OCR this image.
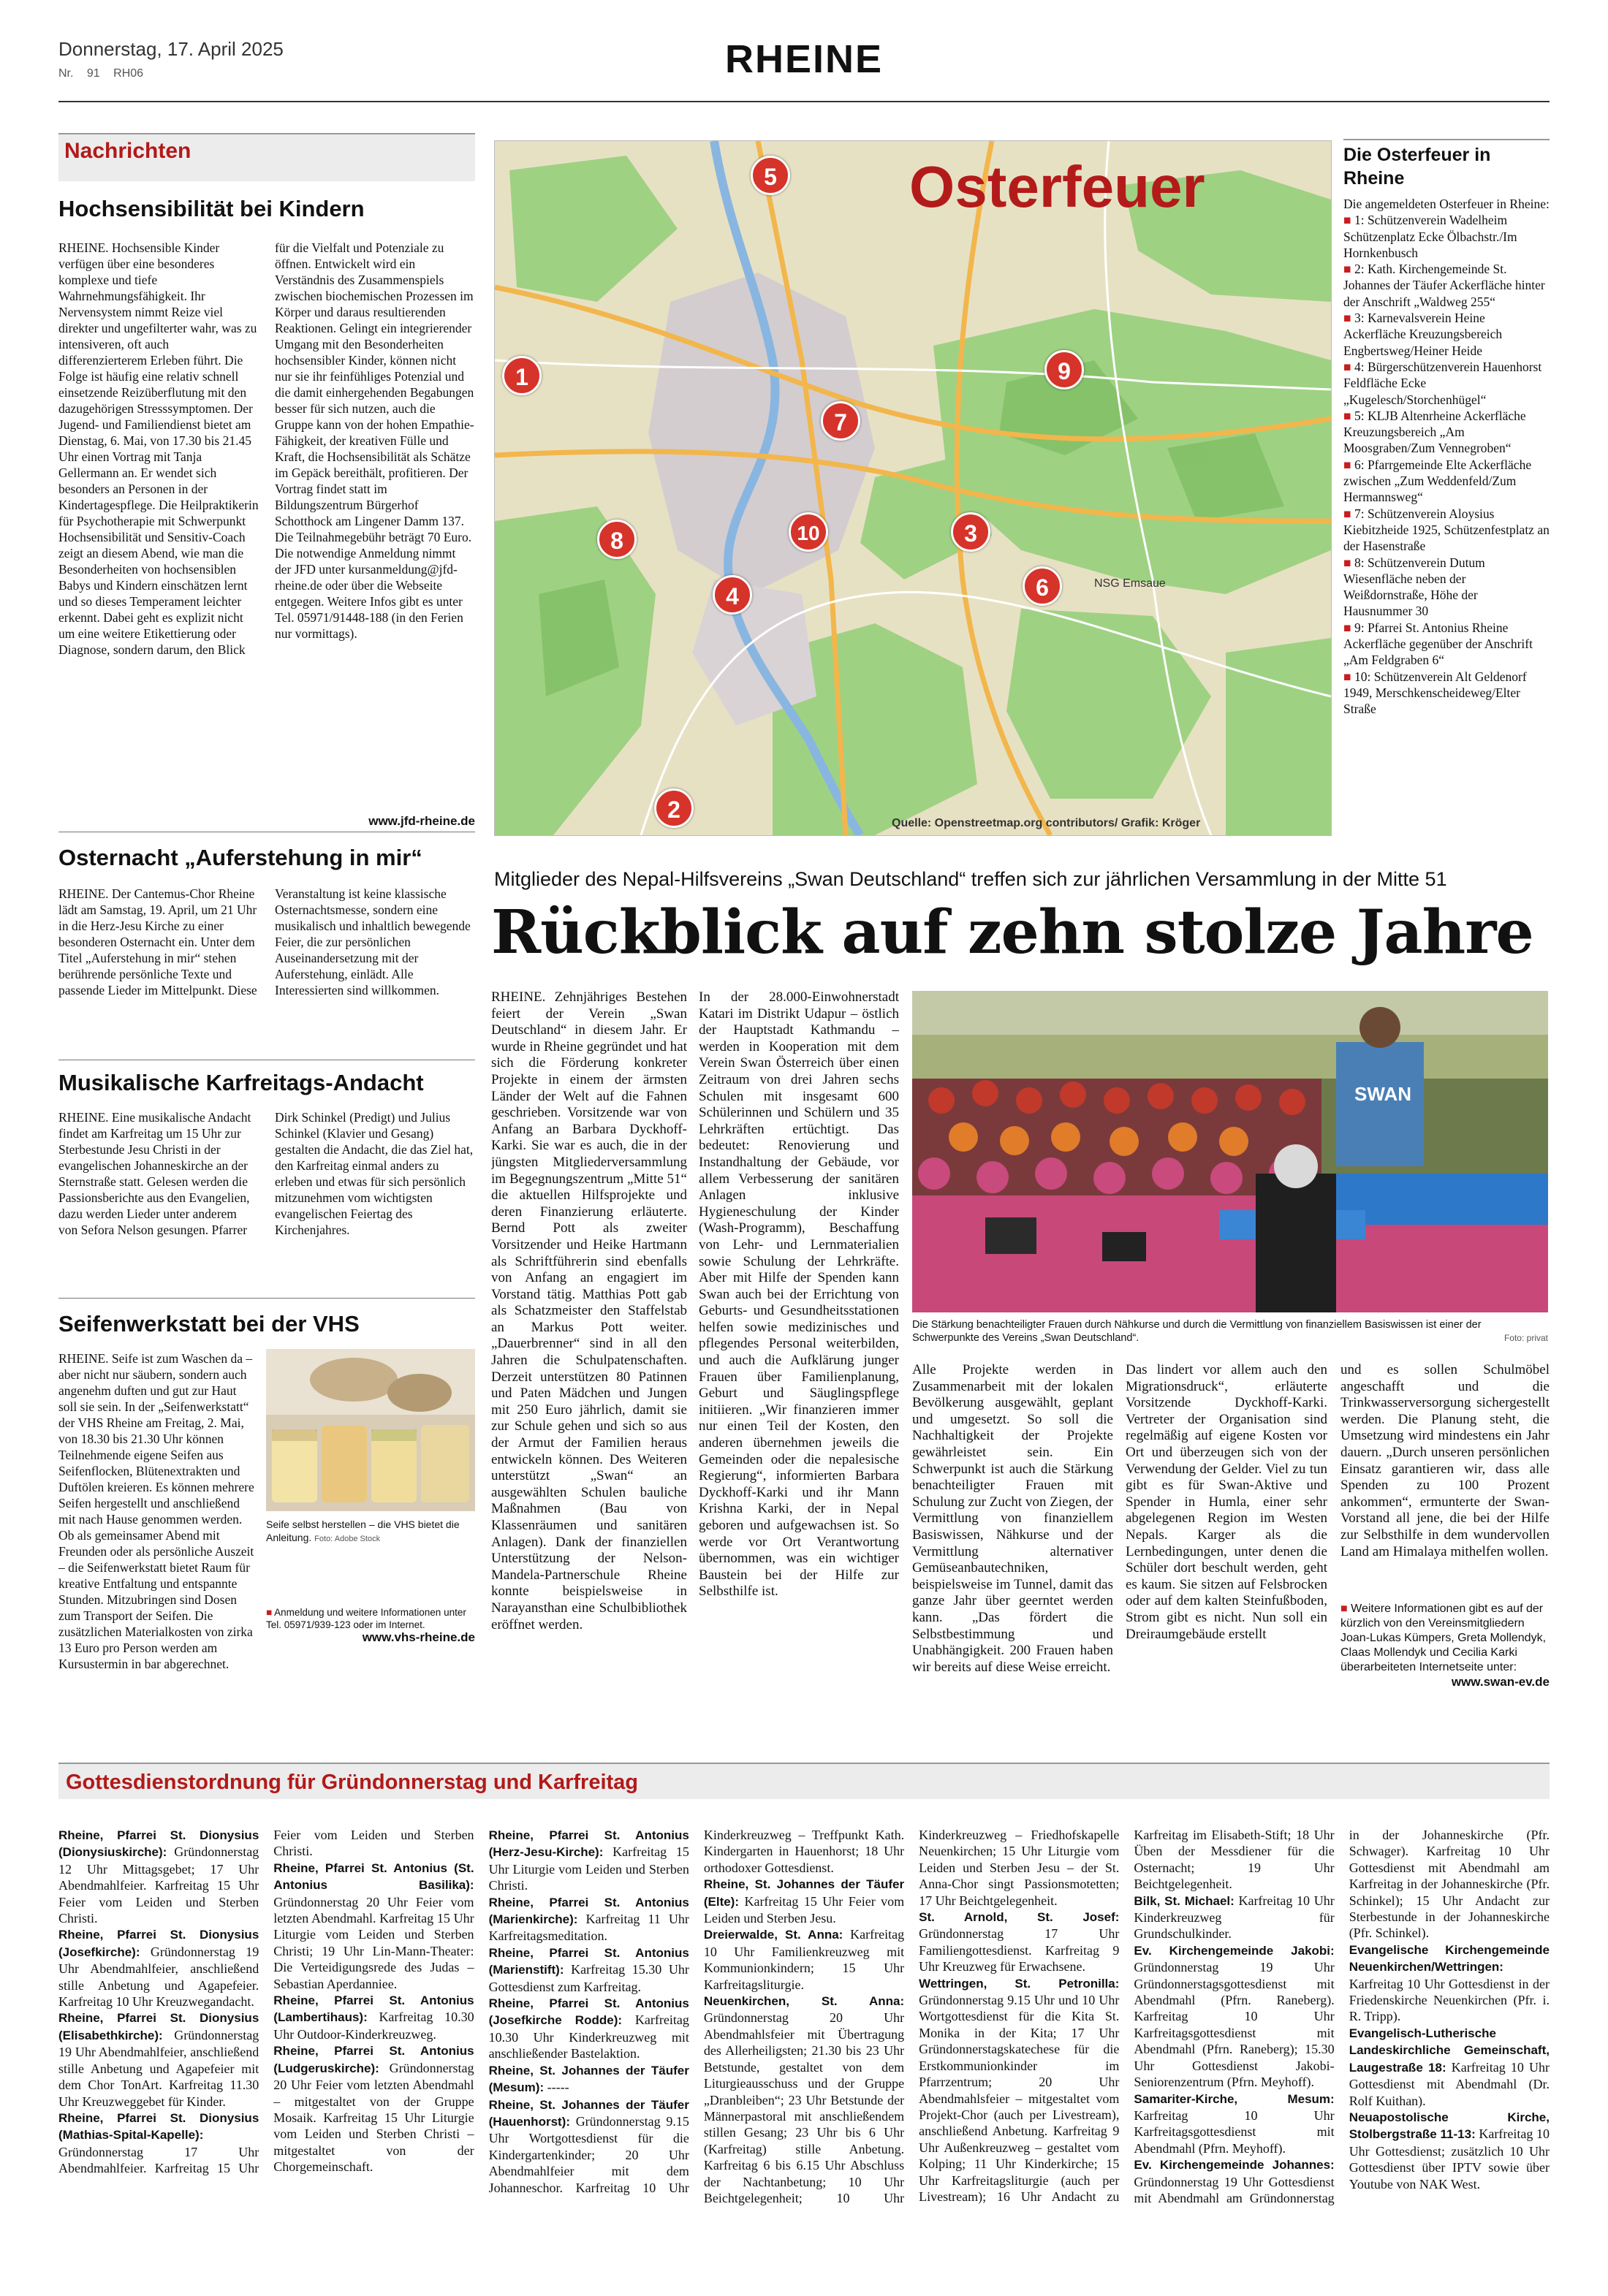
Donnerstag, 17. April 2025
Nr. 91 RH06	RHEINE
Nachrichten
Hochsensibilität bei Kindern

RHEINE. Hochsensible Kinder verfügen über eine besonderes komplexe und tiefe Wahrnehmungsfähigkeit. Ihr Nervensystem nimmt Reize viel direkter und ungefilterter wahr, was zu intensiveren, oft auch differenzierterem Erleben führt. Die Folge ist häufig eine relativ schnell einsetzende Reizüberflutung mit den dazugehörigen Stresssymptomen. Der Jugend- und Familiendienst bietet am Dienstag, 6. Mai, von 17.30 bis 21.45 Uhr einen Vortrag mit Tanja Gellermann an. Er wendet sich besonders an Personen in der Kindertagespflege. Die Heilpraktikerin für Psychotherapie mit Schwerpunkt Hochsensibilität und Sensitiv-Coach zeigt an diesem Abend, wie man die Besonderheiten von hochsensiblen Babys und Kindern einschätzen lernt und so dieses Temperament leichter erkennt. Dabei geht es explizit nicht um eine weitere Etikettierung oder Diagnose, sondern darum, den Blick für die Vielfalt und Potenziale zu öffnen. Entwickelt wird ein Verständnis des Zusammenspiels zwischen biochemischen Prozessen im Körper und daraus resultierenden Reaktionen. Gelingt ein integrierender Umgang mit den Besonderheiten hochsensibler Kinder, können nicht nur sie ihr feinfühliges Potenzial und die damit einhergehenden Begabungen besser für sich nutzen, auch die Gruppe kann von der hohen Empathie-Fähigkeit, der kreativen Fülle und Kraft, die Hochsensibilität als Schätze im Gepäck bereithält, profitieren. Der Vortrag findet statt im Bildungszentrum Bürgerhof Schotthock am Lingener Damm 137. Die Teilnahmegebühr beträgt 70 Euro. Die notwendige Anmeldung nimmt der JFD unter kursanmeldung@jfd-rheine.de oder über die Webseite entgegen. Weitere Infos gibt es unter Tel. 05971/91448-188 (in den Ferien nur vormittags).

www.jfd-rheine.de
Osternacht „Auferstehung in mir“

RHEINE. Der Cantemus-Chor Rheine lädt am Samstag, 19. April, um 21 Uhr in die Herz-Jesu Kirche zu einer besonderen Osternacht ein. Unter dem Titel „Auferstehung in mir“ stehen berührende persönliche Texte und passende Lieder im Mittelpunkt. Diese Veranstaltung ist keine klassische Osternachtsmesse, sondern eine musikalisch und inhaltlich bewegende Feier, die zur persönlichen Auseinandersetzung mit der Auferstehung, einlädt. Alle Interessierten sind willkommen.

Musikalische Karfreitags-Andacht

RHEINE. Eine musikalische Andacht findet am Karfreitag um 15 Uhr zur Sterbestunde Jesu Christi in der evangelischen Johanneskirche an der Sternstraße statt. Gelesen werden die Passionsberichte aus den Evangelien, dazu werden Lieder unter anderem von Sefora Nelson gesungen. Pfarrer Dirk Schinkel (Predigt) und Julius Schinkel (Klavier und Gesang) gestalten die Andacht, die das Ziel hat, den Karfreitag einmal anders zu erleben und etwas für sich persönlich mitzunehmen vom wichtigsten evangelischen Feiertag des Kirchenjahres.

Seifenwerkstatt bei der VHS

RHEINE. Seife ist zum Waschen da – aber nicht nur säubern, sondern auch angenehm duften und gut zur Haut soll sie sein. In der „Seifenwerkstatt“ der VHS Rheine am Freitag, 2. Mai, von 18.30 bis 21.30 Uhr können Teilnehmende eigene Seifen aus Seifenflocken, Blütenextrakten und Duftölen kreieren. Es können mehrere Seifen hergestellt und anschließend mit nach Hause genommen werden. Ob als gemeinsamer Abend mit Freunden oder als persönliche Auszeit – die Seifenwerkstatt bietet Raum für kreative Entfaltung und entspannte Stunden. Mitzubringen sind Dosen zum Transport der Seifen. Die zusätzlichen Materialkosten von zirka 13 Euro pro Person werden am Kursustermin in bar abgerechnet.

Seife selbst herstellen – die VHS bietet die Anleitung. Foto: Adobe Stock
■ Anmeldung und weitere Informationen unter Tel. 05971/939-123 oder im Internet.
www.vhs-rheine.de
NSG Emsaue
1
2
3
4
5
6
7
8
9
10
Osterfeuer
Quelle: Openstreetmap.org contributors/ Grafik: Kröger
Die Osterfeuer in Rheine

Die angemeldeten Osterfeuer in Rheine:

■ 1: Schützenverein Wadelheim Schützenplatz Ecke Ölbachstr./Im Hornkenbusch

■ 2: Kath. Kirchengemeinde St. Johannes der Täufer Ackerfläche hinter der Anschrift „Waldweg 255“

■ 3: Karnevalsverein Heine Ackerfläche Kreuzungsbereich Engbertsweg/Heiner Heide

■ 4: Bürgerschützenverein Hauenhorst Feldfläche Ecke „Kugelesch/Storchenhügel“

■ 5: KLJB Altenrheine Ackerfläche Kreuzungsbereich „Am Moosgraben/Zum Vennegroben“

■ 6: Pfarrgemeinde Elte Ackerfläche zwischen „Zum Weddenfeld/Zum Hermannsweg“

■ 7: Schützenverein Aloysius Kiebitzheide 1925, Schützenfestplatz an der Hasenstraße

■ 8: Schützenverein Dutum Wiesenfläche neben der Weißdornstraße, Höhe der Hausnummer 30

■ 9: Pfarrei St. Antonius Rheine Ackerfläche gegenüber der Anschrift „Am Feldgraben 6“

■ 10: Schützenverein Alt Geldenorf 1949, Merschkenscheideweg/Elter Straße

Mitglieder des Nepal-Hilfsvereins „Swan Deutschland“ treffen sich zur jährlichen Versammlung in der Mitte 51
Rückblick auf zehn stolze Jahre

RHEINE. Zehnjähriges Bestehen feiert der Verein „Swan Deutschland“ in diesem Jahr. Er wurde in Rheine gegründet und hat sich die Förderung konkreter Projekte in einem der ärmsten Länder der Welt auf die Fahnen geschrieben. Vorsitzende war von Anfang an Barbara Dyckhoff-Karki. Sie war es auch, die in der jüngsten Mitgliederversammlung im Begegnungszentrum „Mitte 51“ die aktuellen Hilfsprojekte und deren Finanzierung erläuterte. Bernd Pott als zweiter Vorsitzender und Heike Hartmann als Schriftführerin sind ebenfalls von Anfang an engagiert im Vorstand tätig. Matthias Pott gab als Schatzmeister den Staffelstab an Markus Pott weiter. „Dauerbrenner“ sind in all den Jahren die Schulpatenschaften. Derzeit unterstützen 80 Patinnen und Paten Mädchen und Jungen mit 250 Euro jährlich, damit sie zur Schule gehen und sich so aus der Armut der Familien heraus entwickeln können. Des Weiteren unterstützt „Swan“ an ausgewählten Schulen bauliche Maßnahmen (Bau von Klassenräumen und sanitären Anlagen). Dank der finanziellen Unterstützung der Nelson-Mandela-Partnerschule Rheine konnte beispielsweise in Narayansthan eine Schulbibliothek eröffnet werden.

In der 28.000-Einwohnerstadt Katari im Distrikt Udapur – östlich der Hauptstadt Kathmandu – werden in Kooperation mit dem Verein Swan Österreich über einen Zeitraum von drei Jahren sechs Schulen mit insgesamt 600 Schülerinnen und Schülern und 35 Lehrkräften ertüchtigt. Das bedeutet: Renovierung und Instandhaltung der Gebäude, vor allem Verbesserung der sanitären Anlagen inklusive Hygieneschulung der Kinder (Wash-Programm), Beschaffung von Lehr- und Lernmaterialien sowie Schulung der Lehrkräfte. Aber mit Hilfe der Spenden kann Swan auch bei der Errichtung von Geburts- und Gesundheitsstationen helfen sowie medizinisches und pflegendes Personal weiterbilden, und auch die Aufklärung junger Frauen über Familienplanung, Geburt und Säuglingspflege initiieren. „Wir finanzieren immer nur einen Teil der Kosten, den anderen übernehmen jeweils die Gemeinden oder die nepalesische Regierung“, informierten Barbara Dyckhoff-Karki und ihr Mann Krishna Karki, der in Nepal geboren und aufgewachsen ist. So werde vor Ort Verantwortung übernommen, was ein wichtiger Baustein bei der Hilfe zur Selbsthilfe ist.

SWAN
Die Stärkung benachteiligter Frauen durch Nähkurse und durch die Vermittlung von finanziellem Basiswissen ist einer der Schwerpunkte des Vereins „Swan Deutschland“.	Foto: privat

Alle Projekte werden in Zusammenarbeit mit der lokalen Bevölkerung ausgewählt, geplant und umgesetzt. So soll die Nachhaltigkeit der Projekte gewährleistet sein. Ein Schwerpunkt ist auch die Stärkung benachteiligter Frauen mit Schulung zur Zucht von Ziegen, der Vermittlung von finanziellem Basiswissen, Nähkurse und der Vermittlung alternativer Gemüseanbautechniken, beispielsweise im Tunnel, damit das ganze Jahr über geerntet werden kann. „Das fördert die Selbstbestimmung und Unabhängigkeit. 200 Frauen haben wir bereits auf diese Weise erreicht.

Das lindert vor allem auch den Migrationsdruck“, erläuterte Vorsitzende Dyckhoff-Karki. Vertreter der Organisation sind regelmäßig auf eigene Kosten vor Ort und überzeugen sich von der Verwendung der Gelder. Viel zu tun gibt es für Swan-Aktive und Spender in Humla, einer sehr abgelegenen Region im Westen Nepals. Karger als die Lernbedingungen, unter denen die Schüler dort beschult werden, geht es kaum. Sie sitzen auf Felsbrocken oder auf dem kalten Steinfußboden, Strom gibt es nicht. Nun soll ein Dreiraumgebäude erstellt

und es sollen Schulmöbel angeschafft und die Trinkwasserversorgung sichergestellt werden. Die Planung steht, die Umsetzung wird mindestens ein Jahr dauern. „Durch unseren persönlichen Einsatz garantieren wir, dass alle Spenden zu 100 Prozent ankommen“, ermunterte der Swan-Vorstand all jene, die bei der Hilfe zur Selbsthilfe in dem wundervollen Land am Himalaya mithelfen wollen.

■ Weitere Informationen gibt es auf der kürzlich von den Vereinsmitgliedern Joan-Lukas Kümpers, Greta Mollendyk, Claas Mollendyk und Cecilia Karki überarbeiteten Internetseite unter:
www.swan-ev.de
Gottesdienstordnung für Gründonnerstag und Karfreitag

Rheine, Pfarrei St. Dionysius (Dionysiuskirche): Gründonnerstag 12 Uhr Mittagsgebet; 17 Uhr Abendmahlfeier. Karfreitag 15 Uhr Feier vom Leiden und Sterben Christi.

Rheine, Pfarrei St. Dionysius (Josefkirche): Gründonnerstag 19 Uhr Abendmahlfeier, anschließend stille Anbetung und Agapefeier. Karfreitag 10 Uhr Kreuzwegandacht.

Rheine, Pfarrei St. Dionysius (Elisabethkirche): Gründonnerstag 19 Uhr Abendmahlfeier, anschließend stille Anbetung und Agapefeier mit dem Chor TonArt. Karfreitag 11.30 Uhr Kreuzweggebet für Kinder.

Rheine, Pfarrei St. Dionysius (Mathias-Spital-Kapelle): Gründonnerstag 17 Uhr Abendmahlfeier. Karfreitag 15 Uhr Feier vom Leiden und Sterben Christi.

Rheine, Pfarrei St. Antonius (St. Antonius Basilika): Gründonnerstag 20 Uhr Feier vom letzten Abendmahl. Karfreitag 15 Uhr Liturgie vom Leiden und Sterben Christi; 19 Uhr Lin-Mann-Theater: Die Verteidigungsrede des Judas – Sebastian Aperdanniee.

Rheine, Pfarrei St. Antonius (Lambertihaus): Karfreitag 10.30 Uhr Outdoor-Kinderkreuzweg.

Rheine, Pfarrei St. Antonius (Ludgeruskirche): Gründonnerstag 20 Uhr Feier vom letzten Abendmahl – mitgestaltet von der Gruppe Mosaik. Karfreitag 15 Uhr Liturgie vom Leiden und Sterben Christi – mitgestaltet von der Chorgemeinschaft.

Rheine, Pfarrei St. Antonius (Herz-Jesu-Kirche): Karfreitag 15 Uhr Liturgie vom Leiden und Sterben Christi.

Rheine, Pfarrei St. Antonius (Marienkirche): Karfreitag 11 Uhr Karfreitagsmeditation.

Rheine, Pfarrei St. Antonius (Marienstift): Karfreitag 15.30 Uhr Gottesdienst zum Karfreitag.

Rheine, Pfarrei St. Antonius (Josefkirche Rodde): Karfreitag 10.30 Uhr Kinderkreuzweg mit anschließender Bastelaktion.

Rheine, St. Johannes der Täufer (Mesum): -----

Rheine, St. Johannes der Täufer (Hauenhorst): Gründonnerstag 9.15 Uhr Wortgottesdienst für die Kindergartenkinder; 20 Uhr Abendmahlfeier mit dem Johanneschor. Karfreitag 10 Uhr Kinderkreuzweg – Treffpunkt Kath. Kindergarten in Hauenhorst; 18 Uhr orthodoxer Gottesdienst.

Rheine, St. Johannes der Täufer (Elte): Karfreitag 15 Uhr Feier vom Leiden und Sterben Jesu.

Dreierwalde, St. Anna: Karfreitag 10 Uhr Familienkreuzweg mit Kommunionkindern; 15 Uhr Karfreitagsliturgie.

Neuenkirchen, St. Anna: Gründonnerstag 20 Uhr Abendmahlsfeier mit Übertragung des Allerheiligsten; 21.30 bis 23 Uhr Betstunde, gestaltet von dem Liturgieausschuss und der Gruppe „Dranbleiben“; 23 Uhr Betstunde der Männerpastoral mit anschließendem stillen Gesang; 23 Uhr bis 6 Uhr (Karfreitag) stille Anbetung. Karfreitag 6 bis 6.15 Uhr Abschluss der Nachtanbetung; 10 Uhr Beichtgelegenheit; 10 Uhr Kinderkreuzweg – Friedhofskapelle Neuenkirchen; 15 Uhr Liturgie vom Leiden und Sterben Jesu – der St. Anna-Chor singt Passionsmotetten; 17 Uhr Beichtgelegenheit.

St. Arnold, St. Josef: Gründonnerstag 17 Uhr Familiengottesdienst. Karfreitag 9 Uhr Kreuzweg für Erwachsene.

Wettringen, St. Petronilla: Gründonnerstag 9.15 Uhr und 10 Uhr Wortgottesdienst für die Kita St. Monika in der Kita; 17 Uhr Gründonnerstagskatechese für die Erstkommunionkinder im Pfarrzentrum; 20 Uhr Abendmahlsfeier – mitgestaltet vom Projekt-Chor (auch per Livestream), anschließend Anbetung. Karfreitag 9 Uhr Außenkreuzweg – gestaltet vom Kolping; 11 Uhr Kinderkirche; 15 Uhr Karfreitagsliturgie (auch per Livestream); 16 Uhr Andacht zu Karfreitag im Elisabeth-Stift; 18 Uhr Üben der Messdiener für die Osternacht; 19 Uhr Beichtgelegenheit.

Bilk, St. Michael: Karfreitag 10 Uhr Kinderkreuzweg für Grundschulkinder.

Ev. Kirchengemeinde Jakobi: Gründonnerstag 19 Uhr Gründonnerstagsgottesdienst mit Abendmahl (Pfrn. Raneberg). Karfreitag 10 Uhr Karfreitagsgottesdienst mit Abendmahl (Pfrn. Raneberg); 15.30 Uhr Gottesdienst Jakobi-Seniorenzentrum (Pfrn. Meyhoff).

Samariter-Kirche, Mesum: Karfreitag 10 Uhr Karfreitagsgottesdienst mit Abendmahl (Pfrn. Meyhoff).

Ev. Kirchengemeinde Johannes: Gründonnerstag 19 Uhr Gottesdienst mit Abendmahl am Gründonnerstag in der Johanneskirche (Pfr. Schwager). Karfreitag 10 Uhr Gottesdienst mit Abendmahl am Karfreitag in der Johanneskirche (Pfr. Schinkel); 15 Uhr Andacht zur Sterbestunde in der Johanneskirche (Pfr. Schinkel).

Evangelische Kirchengemeinde Neuenkirchen/Wettringen: Karfreitag 10 Uhr Gottesdienst in der Friedenskirche Neuenkirchen (Pfr. i. R. Tripp).

Evangelisch-Lutherische Landeskirchliche Gemeinschaft, Laugestraße 18: Karfreitag 10 Uhr Gottesdienst mit Abendmahl (Dr. Rolf Kuithan).

Neuapostolische Kirche, Stolbergstraße 11-13: Karfreitag 10 Uhr Gottesdienst; zusätzlich 10 Uhr Gottesdienst über IPTV sowie über Youtube von NAK West.
